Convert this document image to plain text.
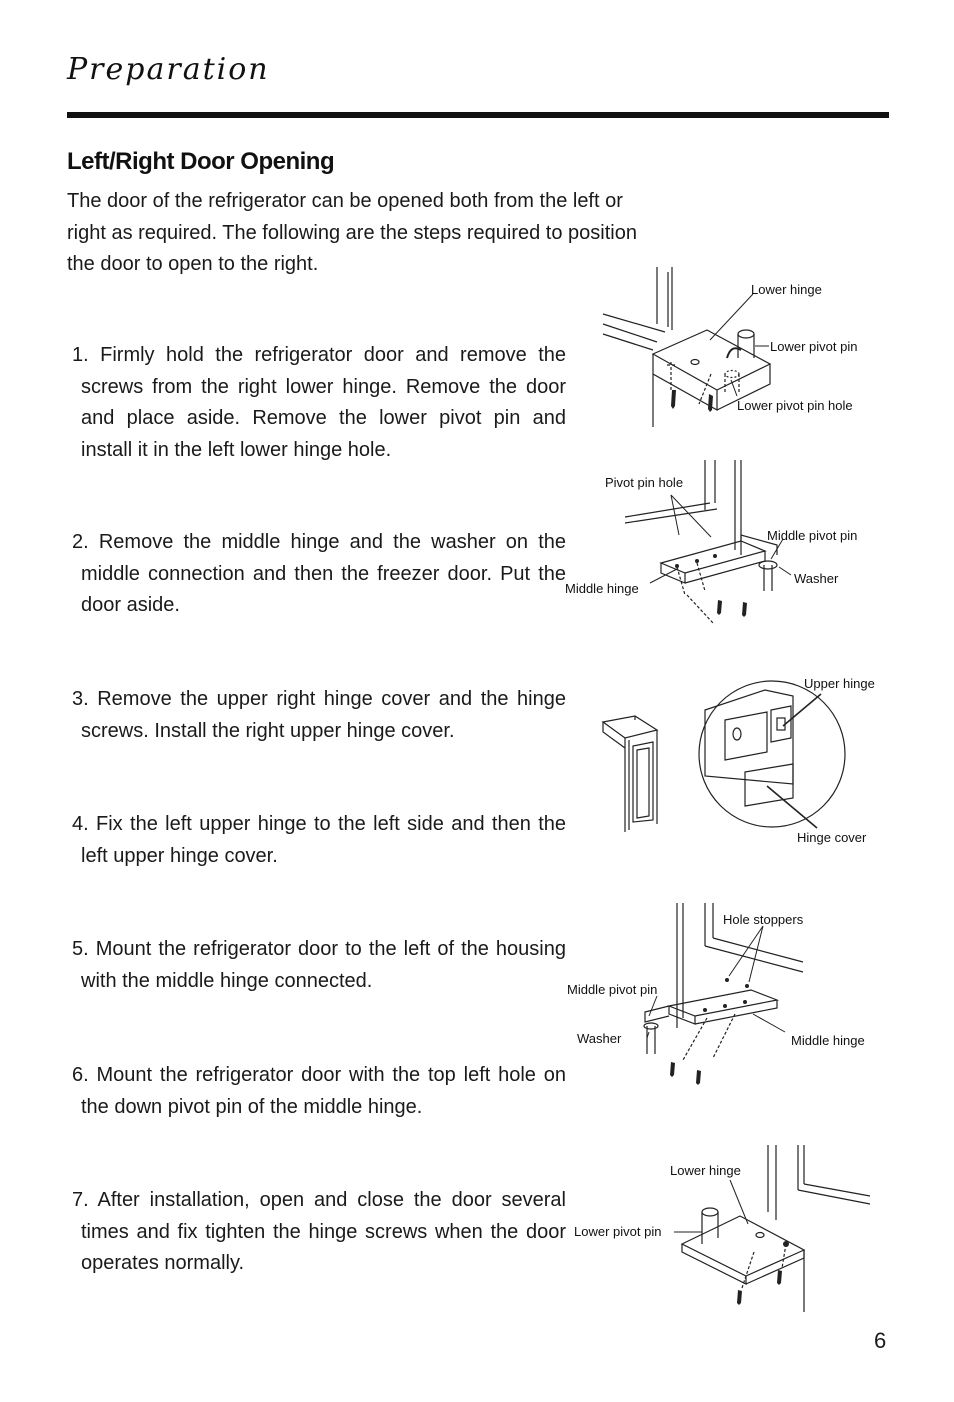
Preparation
Left/Right Door Opening

The door of the refrigerator can be opened both from the left or right as required. The following are the steps required to position the door to open to the right.

1. Firmly hold the refrigerator door and remove the screws from the right lower hinge. Remove the door and place aside. Remove the lower pivot pin and install it in the left lower hinge hole.

2. Remove the middle hinge and the washer on the middle connection and then the freezer door. Put the door aside.

3. Remove the upper right hinge cover and the hinge screws. Install the right upper hinge cover.

4. Fix the left upper hinge to the left side and then the left upper hinge cover.

5. Mount the refrigerator door to the left of the housing with the middle hinge connected.

6. Mount the refrigerator door with the top left hole on the down pivot pin of the middle hinge.

7. After installation, open and close the door several times and fix tighten the hinge screws when the door operates normally.

Lower hinge
Lower pivot pin
Lower pivot pin hole
Pivot pin hole
Middle pivot pin
Washer
Middle hinge
Upper hinge
Hinge cover
Hole stoppers
Middle pivot pin
Washer	Middle hinge
Lower hinge
Lower pivot pin
6
